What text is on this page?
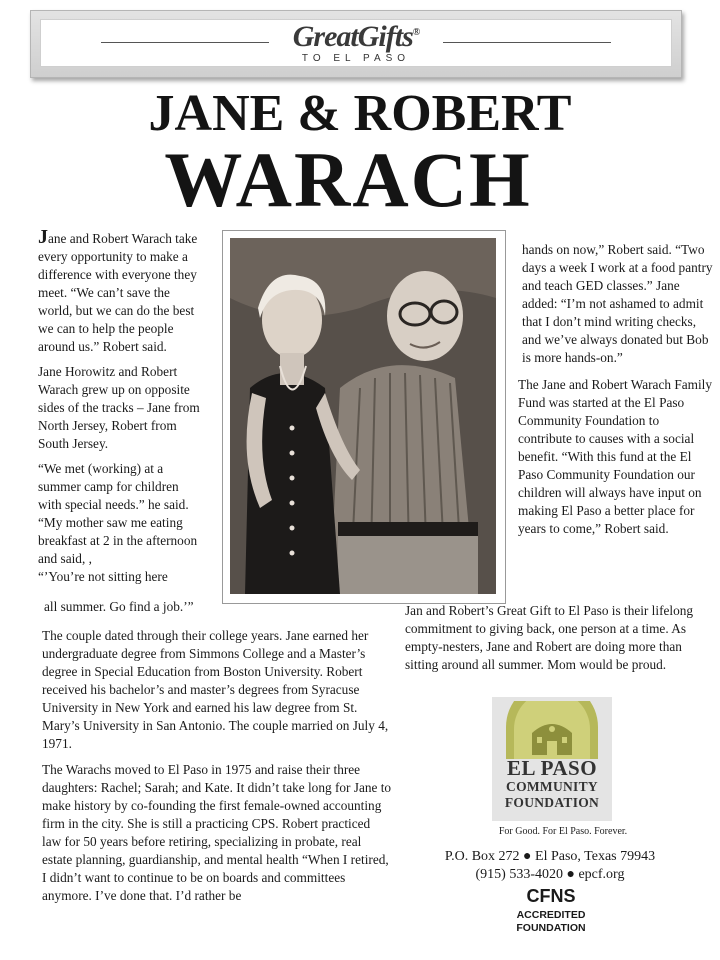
GreatGifts®
TO EL PASO
JANE & ROBERT
WARACH

Jane and Robert Warach take every opportunity to make a difference with everyone they meet. “We can’t save the world, but we can do the best we can to help the people around us.” Robert said.

Jane Horowitz and Robert Warach grew up on opposite sides of the tracks – Jane from North Jersey, Robert from South Jersey.

“We met (working) at a summer camp for children with special needs.” he said. “My mother saw me eating breakfast at 2 in the afternoon and said, ,
“’You’re not sitting here

all summer. Go find a job.’”

The couple dated through their college years. Jane earned her undergraduate degree from Simmons College and a Master’s degree in Special Education from Boston University. Robert received his bachelor’s and master’s degrees from Syracuse University in New York and earned his law degree from St. Mary’s University in San Antonio. The couple married on July 4, 1971.

The Warachs moved to El Paso in 1975 and raise their three daughters: Rachel; Sarah; and Kate. It didn’t take long for Jane to make history by co-founding the first female-owned accounting firm in the city. She is still a practicing CPS. Robert practiced law for 50 years before retiring, specializing in probate, real estate planning, guardianship, and mental health “When I retired, I didn’t want to continue to be on boards and committees anymore. I’ve done that. I’d rather be

hands on now,” Robert said. “Two days a week I work at a food pantry and teach GED classes.” Jane added: “I’m not ashamed to admit that I don’t mind writing checks, and we’ve always donated but Bob is more hands-on.”

The Jane and Robert Warach Family Fund was started at the El Paso Community Foundation to contribute to causes with a social benefit. “With this fund at the El Paso Community Foundation our children will always have input on making El Paso a better place for years to come,” Robert said.

Jan and Robert’s Great Gift to El Paso is their lifelong commitment to giving back, one person at a time. As empty-nesters, Jane and Robert are doing more than sitting around all summer. Mom would be proud.
EL PASO
COMMUNITY
FOUNDATION
For Good. For El Paso. Forever.
P.O. Box 272 ● El Paso, Texas 79943
(915) 533-4020 ● epcf.org
CFNS
ACCREDITED
FOUNDATION
